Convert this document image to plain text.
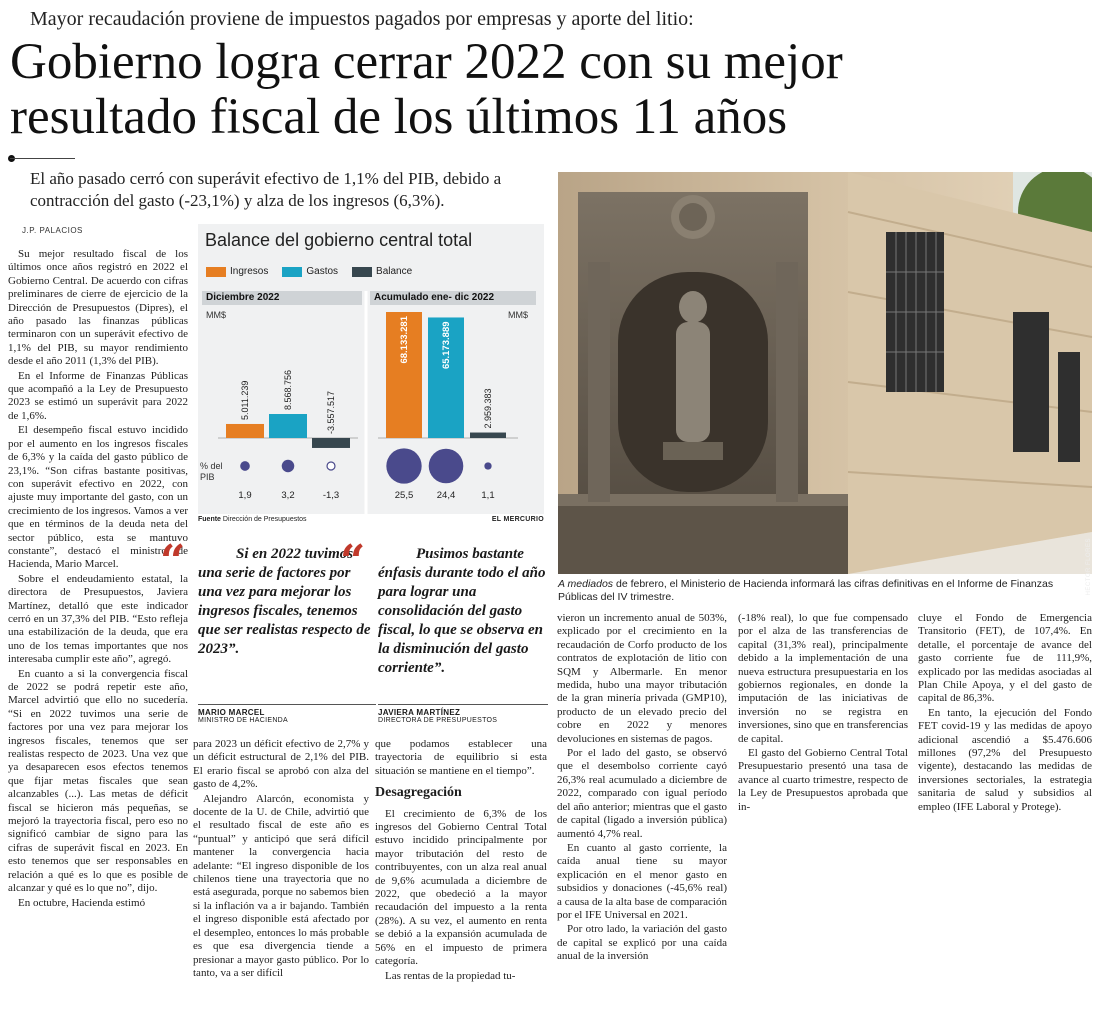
Mayor recaudación proviene de impuestos pagados por empresas y aporte del litio:
Gobierno logra cerrar 2022 con su mejor
resultado fiscal de los últimos 11 años
El año pasado cerró con superávit efectivo de 1,1% del PIB, debido a contracción del gasto (-23,1%) y alza de los ingresos (6,3%).
J.P. PALACIOS

Su mejor resultado fiscal de los últimos once años registró en 2022 el Gobierno Central. De acuerdo con cifras preliminares de cierre de ejercicio de la Dirección de Presupuestos (Dipres), el año pasado las finanzas públicas terminaron con un superávit efectivo de 1,1% del PIB, su mayor rendimiento desde el año 2011 (1,3% del PIB).

En el Informe de Finanzas Públicas que acompañó a la Ley de Presupuesto 2023 se estimó un superávit para 2022 de 1,6%.

El desempeño fiscal estuvo incidido por el aumento en los ingresos fiscales de 6,3% y la caída del gasto público de 23,1%. “Son cifras bastante positivas, con superávit efectivo en 2022, con ajuste muy importante del gasto, con un crecimiento de los ingresos. Vamos a ver que en términos de la deuda neta del sector público, esta se mantuvo constante”, destacó el ministro de Hacienda, Mario Marcel.

Sobre el endeudamiento estatal, la directora de Presupuestos, Javiera Martínez, detalló que este indicador cerró en un 37,3% del PIB. “Esto refleja una estabilización de la deuda, que era uno de los temas importantes que nos interesaba cumplir este año”, agregó.

En cuanto a si la convergencia fiscal de 2022 se podrá repetir este año, Marcel advirtió que ello no sucedería. “Si en 2022 tuvimos una serie de factores por una vez para mejorar los ingresos fiscales, tenemos que ser realistas respecto de 2023. Una vez que ya desaparecen esos efectos tenemos que fijar metas fiscales que sean alcanzables (...). Las metas de déficit fiscal se hicieron más pequeñas, se mejoró la trayectoria fiscal, pero eso no significó cambiar de signo para las cifras de superávit fiscal en 2023. En esto tenemos que ser responsables en relación a qué es lo que es posible de alcanzar y qué es lo que no”, dijo.

En octubre, Hacienda estimó

Balance del gobierno central total
Ingresos	Gastos	Balance
Diciembre 2022	Acumulado ene- dic 2022
MM$	MM$
5.011.239
1,9
8.568.756
3,2
-3.557.517
-1,3
68.133.281
25,5
65.173.889
24,4
2.959.383
1,1
% del
PIB
Fuente Dirección de Presupuestos	EL MERCURIO
HÉCTOR FLORES
A mediados de febrero, el Ministerio de Hacienda informará las cifras definitivas en el Informe de Finanzas Públicas del IV trimestre.
“	Si en 2022 tuvimos una serie de factores por una vez para mejorar los ingresos fiscales, tenemos que ser realistas respecto de 2023”.
MARIO MARCEL
MINISTRO DE HACIENDA
“	Pusimos bastante énfasis durante todo el año para lograr una consolidación del gasto fiscal, lo que se observa en la disminución del gasto corriente”.
JAVIERA MARTÍNEZ
DIRECTORA DE PRESUPUESTOS

para 2023 un déficit efectivo de 2,7% y un déficit estructural de 2,1% del PIB. El erario fiscal se aprobó con alza del gasto de 4,2%.

Alejandro Alarcón, economista y docente de la U. de Chile, advirtió que el resultado fiscal de este año es “puntual” y anticipó que será difícil mantener la convergencia hacia adelante: “El ingreso disponible de los chilenos tiene una trayectoria que no está asegurada, porque no sabemos bien si la inflación va a ir bajando. También el ingreso disponible está afectado por el desempleo, entonces lo más probable es que esa divergencia tiende a presionar a mayor gasto público. Por lo tanto, va a ser difícil

que podamos establecer una trayectoria de equilibrio si esta situación se mantiene en el tiempo”.

Desagregación

El crecimiento de 6,3% de los ingresos del Gobierno Central Total estuvo incidido principalmente por mayor tributación del resto de contribuyentes, con un alza real anual de 9,6% acumulada a diciembre de 2022, que obedeció a la mayor recaudación del impuesto a la renta (28%). A su vez, el aumento en renta se debió a la expansión acumulada de 56% en el impuesto de primera categoría.

Las rentas de la propiedad tu-

vieron un incremento anual de 503%, explicado por el crecimiento en la recaudación de Corfo producto de los contratos de explotación de litio con SQM y Albermarle. En menor medida, hubo una mayor tributación de la gran minería privada (GMP10), producto de un elevado precio del cobre en 2022 y menores devoluciones en sistemas de pagos.

Por el lado del gasto, se observó que el desembolso corriente cayó 26,3% real acumulado a diciembre de 2022, comparado con igual período del año anterior; mientras que el gasto de capital (ligado a inversión pública) aumentó 4,7% real.

En cuanto al gasto corriente, la caída anual tiene su mayor explicación en el menor gasto en subsidios y donaciones (-45,6% real) a causa de la alta base de comparación por el IFE Universal en 2021.

Por otro lado, la variación del gasto de capital se explicó por una caída anual de la inversión

(-18% real), lo que fue compensado por el alza de las transferencias de capital (31,3% real), principalmente debido a la implementación de una nueva estructura presupuestaria en los gobiernos regionales, en donde la imputación de las iniciativas de inversión no se registra en inversiones, sino que en transferencias de capital.

El gasto del Gobierno Central Total Presupuestario presentó una tasa de avance al cuarto trimestre, respecto de la Ley de Presupuestos aprobada que in-

cluye el Fondo de Emergencia Transitorio (FET), de 107,4%. En detalle, el porcentaje de avance del gasto corriente fue de 111,9%, explicado por las medidas asociadas al Plan Chile Apoya, y el del gasto de capital de 86,3%.

En tanto, la ejecución del Fondo FET covid-19 y las medidas de apoyo adicional ascendió a $5.476.606 millones (97,2% del Presupuesto vigente), destacando las medidas de inversiones sectoriales, la estrategia sanitaria de salud y subsidios al empleo (IFE Laboral y Protege).
